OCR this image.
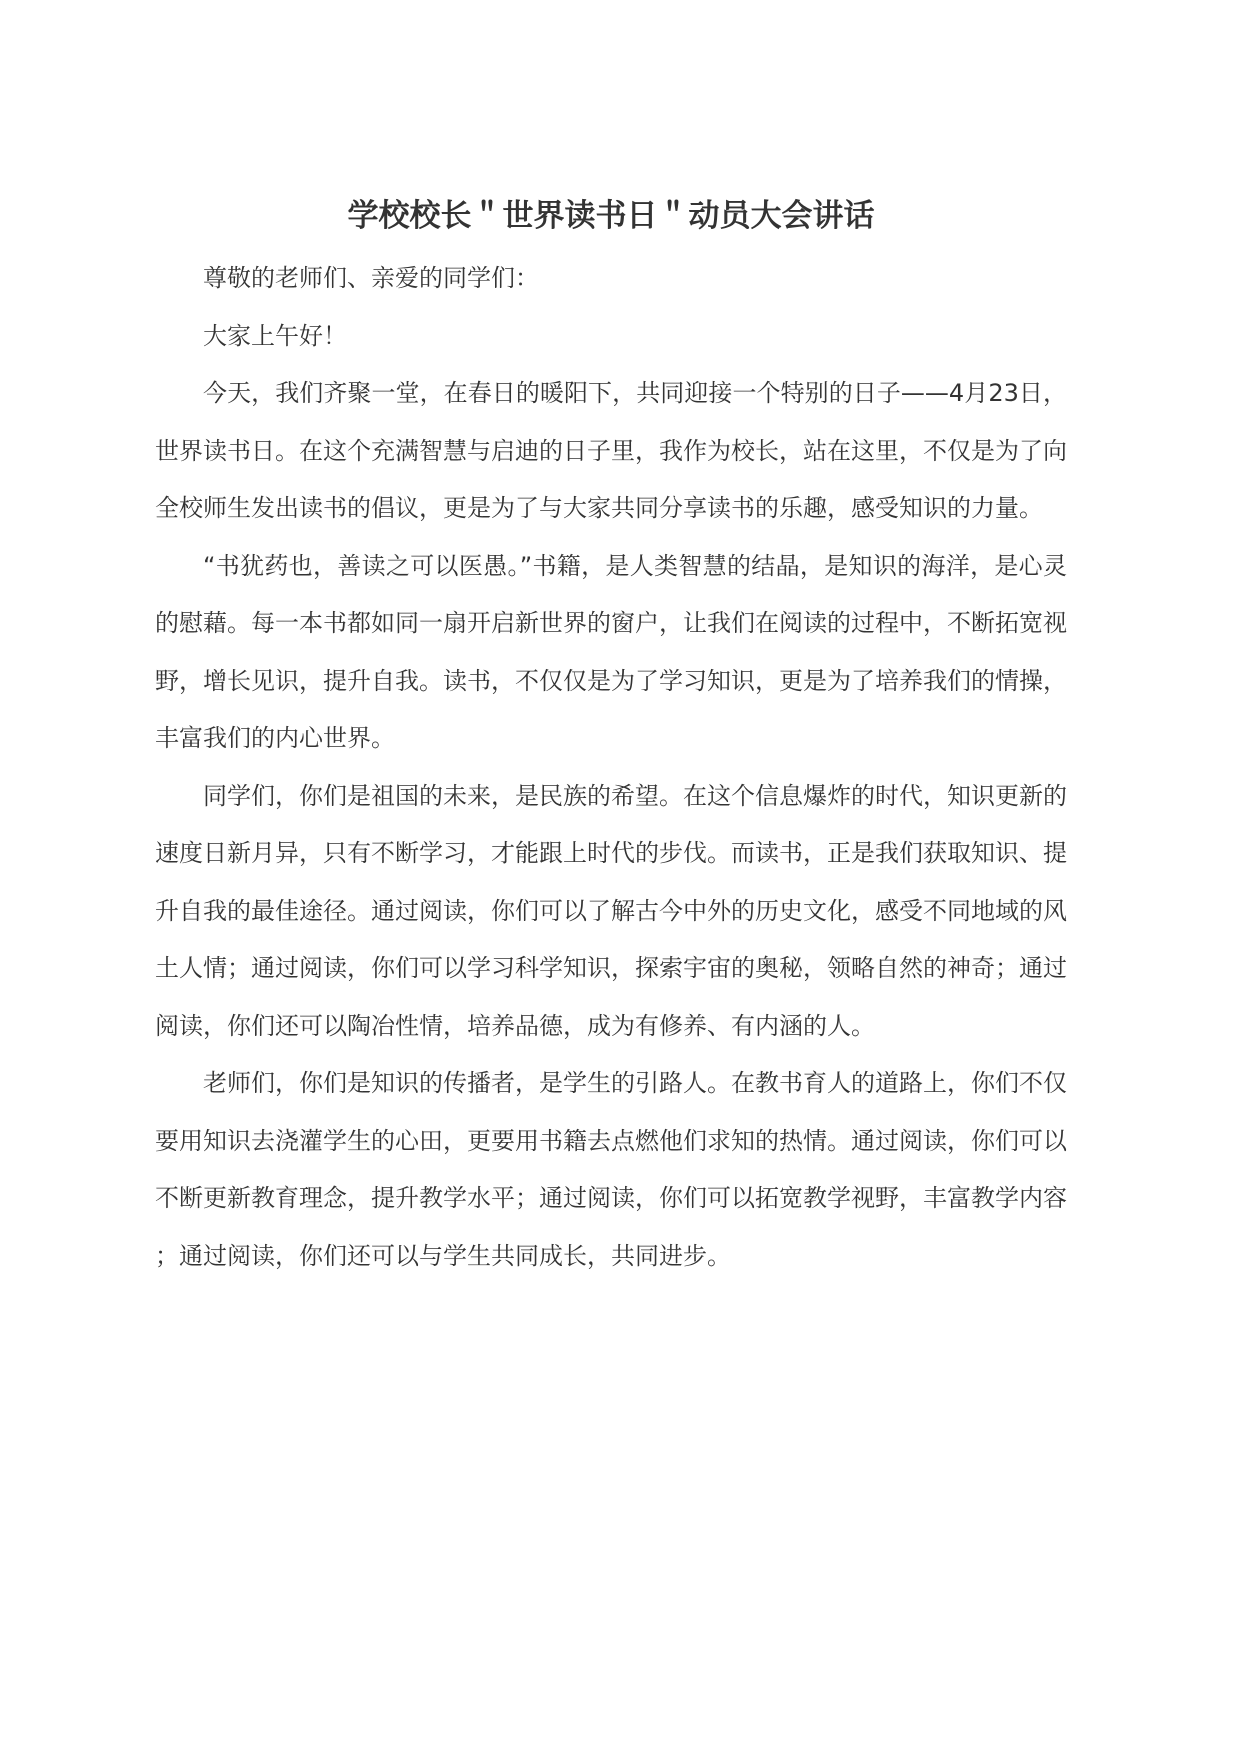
学校校长＂世界读书日＂动员大会讲话

尊敬的老师们、亲爱的同学们：

大家上午好！

今天，我们齐聚一堂，在春日的暖阳下，共同迎接一个特别的日子——4月23日，世界读书日。在这个充满智慧与启迪的日子里，我作为校长，站在这里，不仅是为了向全校师生发出读书的倡议，更是为了与大家共同分享读书的乐趣，感受知识的力量。

“书犹药也，善读之可以医愚。”书籍，是人类智慧的结晶，是知识的海洋，是心灵的慰藉。每一本书都如同一扇开启新世界的窗户，让我们在阅读的过程中，不断拓宽视野，增长见识，提升自我。读书，不仅仅是为了学习知识，更是为了培养我们的情操，丰富我们的内心世界。

同学们，你们是祖国的未来，是民族的希望。在这个信息爆炸的时代，知识更新的速度日新月异，只有不断学习，才能跟上时代的步伐。而读书，正是我们获取知识、提升自我的最佳途径。通过阅读，你们可以了解古今中外的历史文化，感受不同地域的风土人情；通过阅读，你们可以学习科学知识，探索宇宙的奥秘，领略自然的神奇；通过阅读，你们还可以陶冶性情，培养品德，成为有修养、有内涵的人。

老师们，你们是知识的传播者，是学生的引路人。在教书育人的道路上，你们不仅要用知识去浇灌学生的心田，更要用书籍去点燃他们求知的热情。通过阅读，你们可以不断更新教育理念，提升教学水平；通过阅读，你们可以拓宽教学视野，丰富教学内容；通过阅读，你们还可以与学生共同成长，共同进步。
